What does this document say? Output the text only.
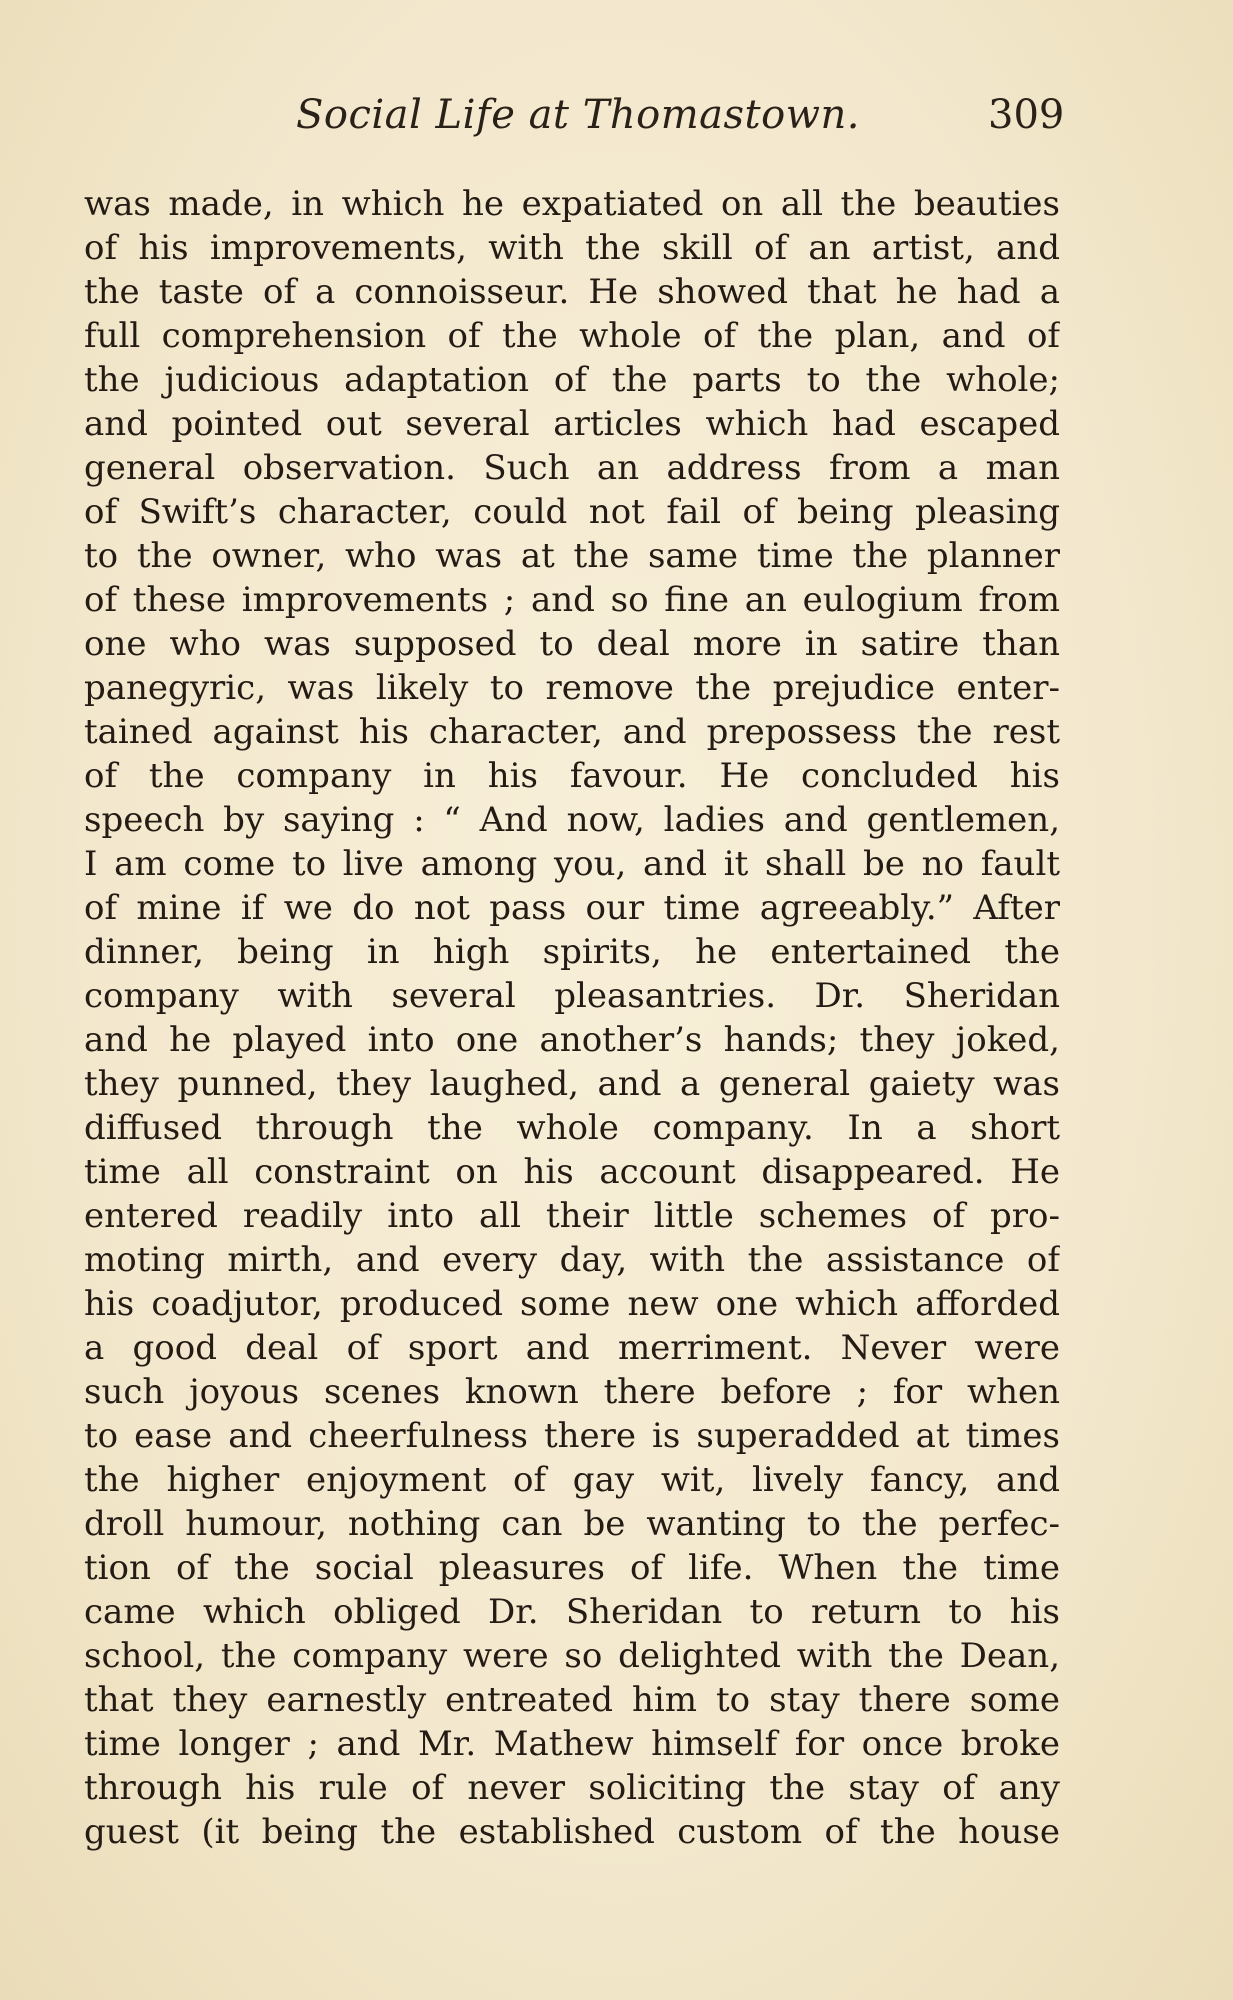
Social Life at Thomastown.	309
was made, in which he expatiated on all the beauties
of his improvements, with the skill of an artist, and
the taste of a connoisseur. He showed that he had a
full comprehension of the whole of the plan, and of
the judicious adaptation of the parts to the whole;
and pointed out several articles which had escaped
general observation. Such an address from a man
of Swift’s character, could not fail of being pleasing
to the owner, who was at the same time the planner
of these improvements ; and so fine an eulogium from
one who was supposed to deal more in satire than
panegyric, was likely to remove the prejudice enter-
tained against his character, and prepossess the rest
of the company in his favour. He concluded his
speech by saying : “ And now, ladies and gentlemen,
I am come to live among you, and it shall be no fault
of mine if we do not pass our time agreeably.” After
dinner, being in high spirits, he entertained the
company with several pleasantries. Dr. Sheridan
and he played into one another’s hands; they joked,
they punned, they laughed, and a general gaiety was
diffused through the whole company. In a short
time all constraint on his account disappeared. He
entered readily into all their little schemes of pro-
moting mirth, and every day, with the assistance of
his coadjutor, produced some new one which afforded
a good deal of sport and merriment. Never were
such joyous scenes known there before ; for when
to ease and cheerfulness there is superadded at times
the higher enjoyment of gay wit, lively fancy, and
droll humour, nothing can be wanting to the perfec-
tion of the social pleasures of life. When the time
came which obliged Dr. Sheridan to return to his
school, the company were so delighted with the Dean,
that they earnestly entreated him to stay there some
time longer ; and Mr. Mathew himself for once broke
through his rule of never soliciting the stay of any
guest (it being the established custom of the house
